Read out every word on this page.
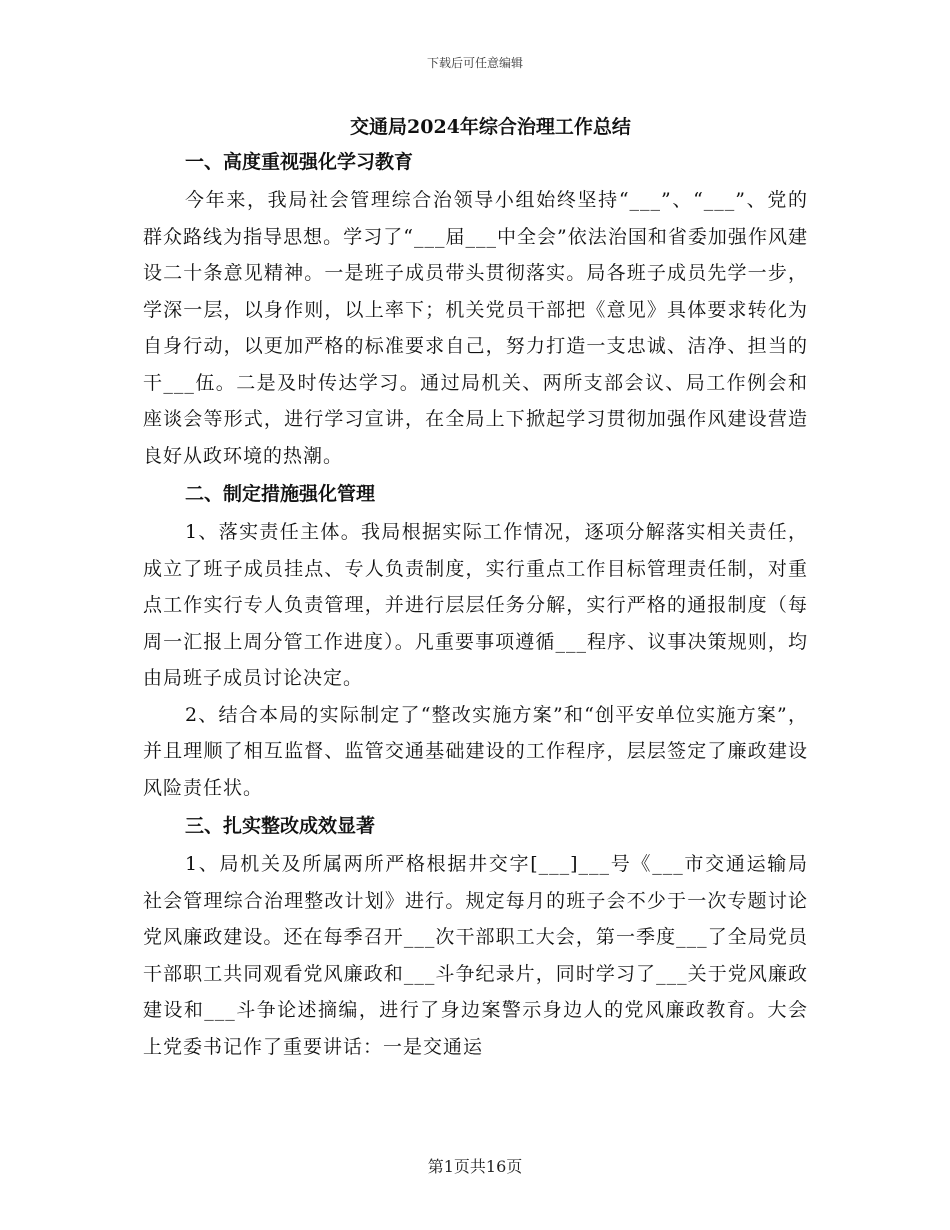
下载后可任意编辑

交通局2024年综合治理工作总结

一、高度重视强化学习教育

今年来，我局社会管理综合治领导小组始终坚持“___”、“___”、党的群众路线为指导思想。学习了“___届___中全会”依法治国和省委加强作风建设二十条意见精神。一是班子成员带头贯彻落实。局各班子成员先学一步，学深一层，以身作则，以上率下；机关党员干部把《意见》具体要求转化为自身行动，以更加严格的标准要求自己，努力打造一支忠诚、洁净、担当的干___伍。二是及时传达学习。通过局机关、两所支部会议、局工作例会和座谈会等形式，进行学习宣讲，在全局上下掀起学习贯彻加强作风建设营造良好从政环境的热潮。

二、制定措施强化管理

1、落实责任主体。我局根据实际工作情况，逐项分解落实相关责任，成立了班子成员挂点、专人负责制度，实行重点工作目标管理责任制，对重点工作实行专人负责管理，并进行层层任务分解，实行严格的通报制度（每周一汇报上周分管工作进度）。凡重要事项遵循___程序、议事决策规则，均由局班子成员讨论决定。

2、结合本局的实际制定了“整改实施方案”和“创平安单位实施方案”，并且理顺了相互监督、监管交通基础建设的工作程序，层层签定了廉政建设风险责任状。

三、扎实整改成效显著

1、局机关及所属两所严格根据井交字[___]___号《___市交通运输局社会管理综合治理整改计划》进行。规定每月的班子会不少于一次专题讨论党风廉政建设。还在每季召开___次干部职工大会，第一季度___了全局党员干部职工共同观看党风廉政和___斗争纪录片，同时学习了___关于党风廉政建设和___斗争论述摘编，进行了身边案警示身边人的党风廉政教育。大会上党委书记作了重要讲话：一是交通运

第1页共16页
